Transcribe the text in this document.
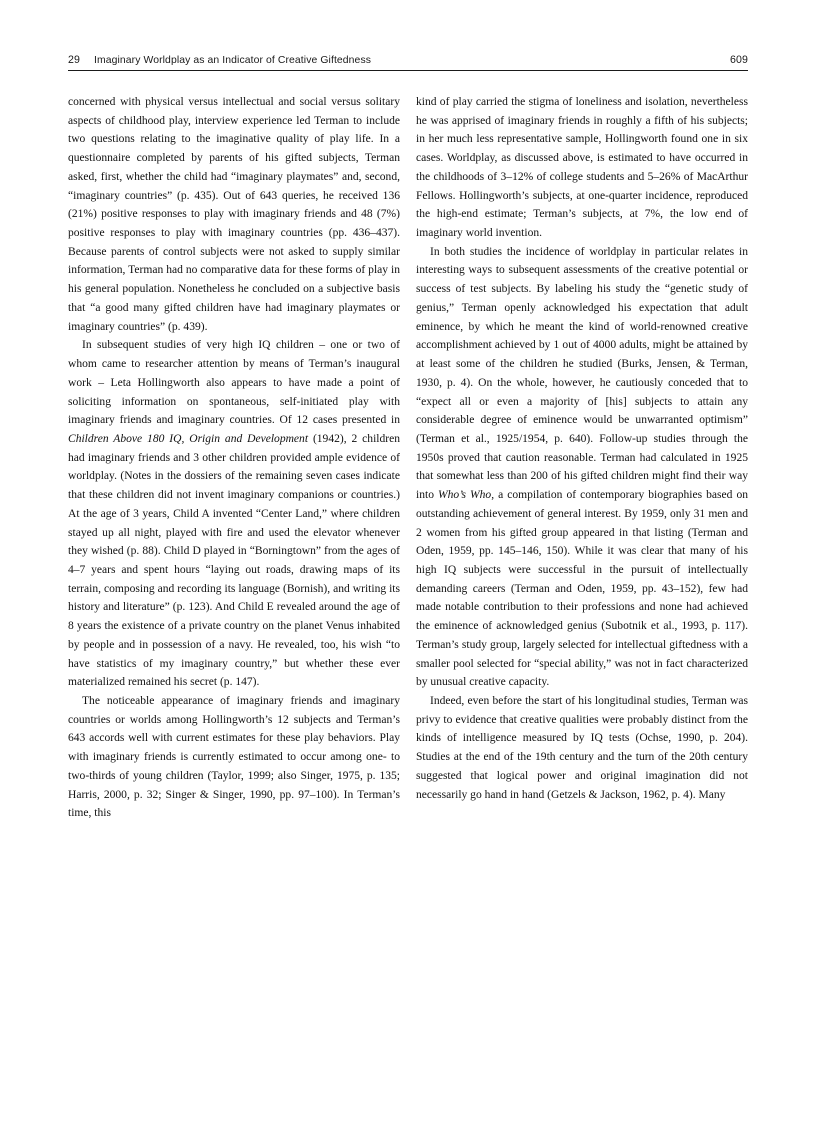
29 Imaginary Worldplay as an Indicator of Creative Giftedness	609

concerned with physical versus intellectual and social versus solitary aspects of childhood play, interview experience led Terman to include two questions relating to the imaginative quality of play life. In a questionnaire completed by parents of his gifted subjects, Terman asked, first, whether the child had “imaginary playmates” and, second, “imaginary countries” (p. 435). Out of 643 queries, he received 136 (21%) positive responses to play with imaginary friends and 48 (7%) positive responses to play with imaginary countries (pp. 436–437). Because parents of control subjects were not asked to supply similar information, Terman had no comparative data for these forms of play in his general population. Nonetheless he concluded on a subjective basis that “a good many gifted children have had imaginary playmates or imaginary countries” (p. 439).

In subsequent studies of very high IQ children – one or two of whom came to researcher attention by means of Terman’s inaugural work – Leta Hollingworth also appears to have made a point of soliciting information on spontaneous, self-initiated play with imaginary friends and imaginary countries. Of 12 cases presented in Children Above 180 IQ, Origin and Development (1942), 2 children had imaginary friends and 3 other children provided ample evidence of worldplay. (Notes in the dossiers of the remaining seven cases indicate that these children did not invent imaginary companions or countries.) At the age of 3 years, Child A invented “Center Land,” where children stayed up all night, played with fire and used the elevator whenever they wished (p. 88). Child D played in “Borningtown” from the ages of 4–7 years and spent hours “laying out roads, drawing maps of its terrain, composing and recording its language (Bornish), and writing its history and literature” (p. 123). And Child E revealed around the age of 8 years the existence of a private country on the planet Venus inhabited by people and in possession of a navy. He revealed, too, his wish “to have statistics of my imaginary country,” but whether these ever materialized remained his secret (p. 147).

The noticeable appearance of imaginary friends and imaginary countries or worlds among Hollingworth’s 12 subjects and Terman’s 643 accords well with current estimates for these play behaviors. Play with imaginary friends is currently estimated to occur among one- to two-thirds of young children (Taylor, 1999; also Singer, 1975, p. 135; Harris, 2000, p. 32; Singer & Singer, 1990, pp. 97–100). In Terman’s time, this

kind of play carried the stigma of loneliness and isolation, nevertheless he was apprised of imaginary friends in roughly a fifth of his subjects; in her much less representative sample, Hollingworth found one in six cases. Worldplay, as discussed above, is estimated to have occurred in the childhoods of 3–12% of college students and 5–26% of MacArthur Fellows. Hollingworth’s subjects, at one-quarter incidence, reproduced the high-end estimate; Terman’s subjects, at 7%, the low end of imaginary world invention.

In both studies the incidence of worldplay in particular relates in interesting ways to subsequent assessments of the creative potential or success of test subjects. By labeling his study the “genetic study of genius,” Terman openly acknowledged his expectation that adult eminence, by which he meant the kind of world-renowned creative accomplishment achieved by 1 out of 4000 adults, might be attained by at least some of the children he studied (Burks, Jensen, & Terman, 1930, p. 4). On the whole, however, he cautiously conceded that to “expect all or even a majority of [his] subjects to attain any considerable degree of eminence would be unwarranted optimism” (Terman et al., 1925/1954, p. 640). Follow-up studies through the 1950s proved that caution reasonable. Terman had calculated in 1925 that somewhat less than 200 of his gifted children might find their way into Who’s Who, a compilation of contemporary biographies based on outstanding achievement of general interest. By 1959, only 31 men and 2 women from his gifted group appeared in that listing (Terman and Oden, 1959, pp. 145–146, 150). While it was clear that many of his high IQ subjects were successful in the pursuit of intellectually demanding careers (Terman and Oden, 1959, pp. 43–152), few had made notable contribution to their professions and none had achieved the eminence of acknowledged genius (Subotnik et al., 1993, p. 117). Terman’s study group, largely selected for intellectual giftedness with a smaller pool selected for “special ability,” was not in fact characterized by unusual creative capacity.

Indeed, even before the start of his longitudinal studies, Terman was privy to evidence that creative qualities were probably distinct from the kinds of intelligence measured by IQ tests (Ochse, 1990, p. 204). Studies at the end of the 19th century and the turn of the 20th century suggested that logical power and original imagination did not necessarily go hand in hand (Getzels & Jackson, 1962, p. 4). Many
